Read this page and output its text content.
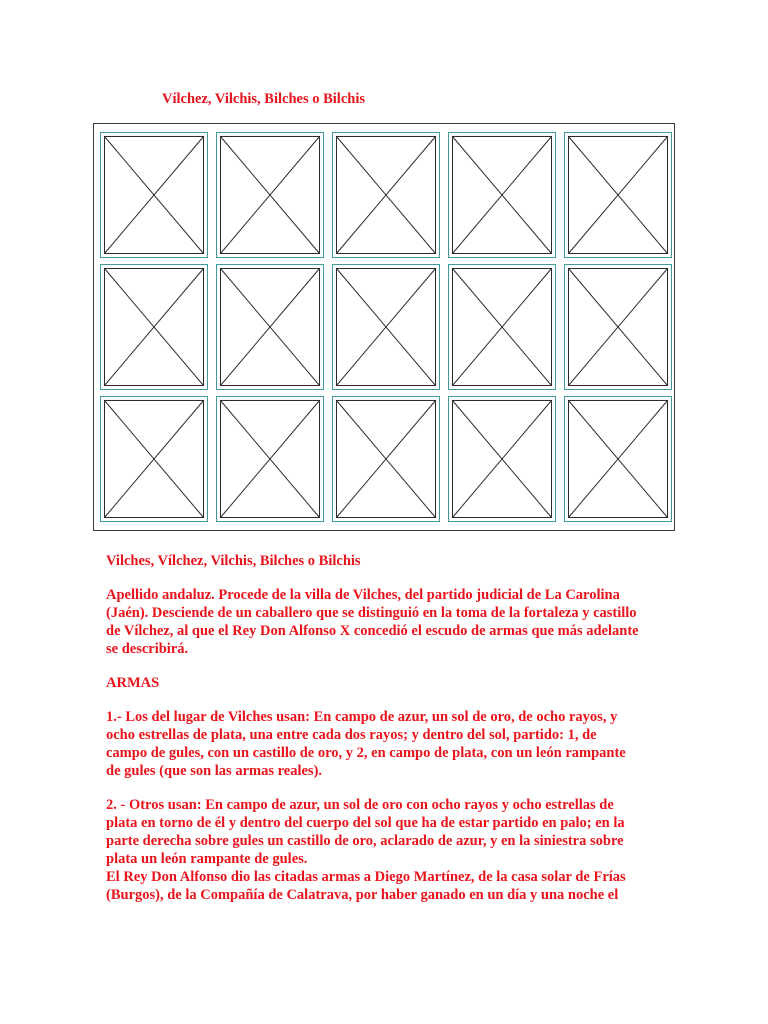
Vílchez, Vilchis, Bilches o Bilchis

Vilches, Vílchez, Vilchis, Bilches o Bilchis

Apellido andaluz. Procede de la villa de Vilches, del partido judicial de La Carolina
(Jaén). Desciende de un caballero que se distinguió en la toma de la fortaleza y castillo
de Vílchez, al que el Rey Don Alfonso X concedió el escudo de armas que más adelante
se describirá.

ARMAS

1.- Los del lugar de Vilches usan: En campo de azur, un sol de oro, de ocho rayos, y
ocho estrellas de plata, una entre cada dos rayos; y dentro del sol, partido: 1, de
campo de gules, con un castillo de oro, y 2, en campo de plata, con un león rampante
de gules (que son las armas reales).

2. - Otros usan: En campo de azur, un sol de oro con ocho rayos y ocho estrellas de
plata en torno de él y dentro del cuerpo del sol que ha de estar partido en palo; en la
parte derecha sobre gules un castillo de oro, aclarado de azur, y en la siniestra sobre
plata un león rampante de gules.

El Rey Don Alfonso dio las citadas armas a Diego Martínez, de la casa solar de Frías
(Burgos), de la Compañía de Calatrava, por haber ganado en un día y una noche el
